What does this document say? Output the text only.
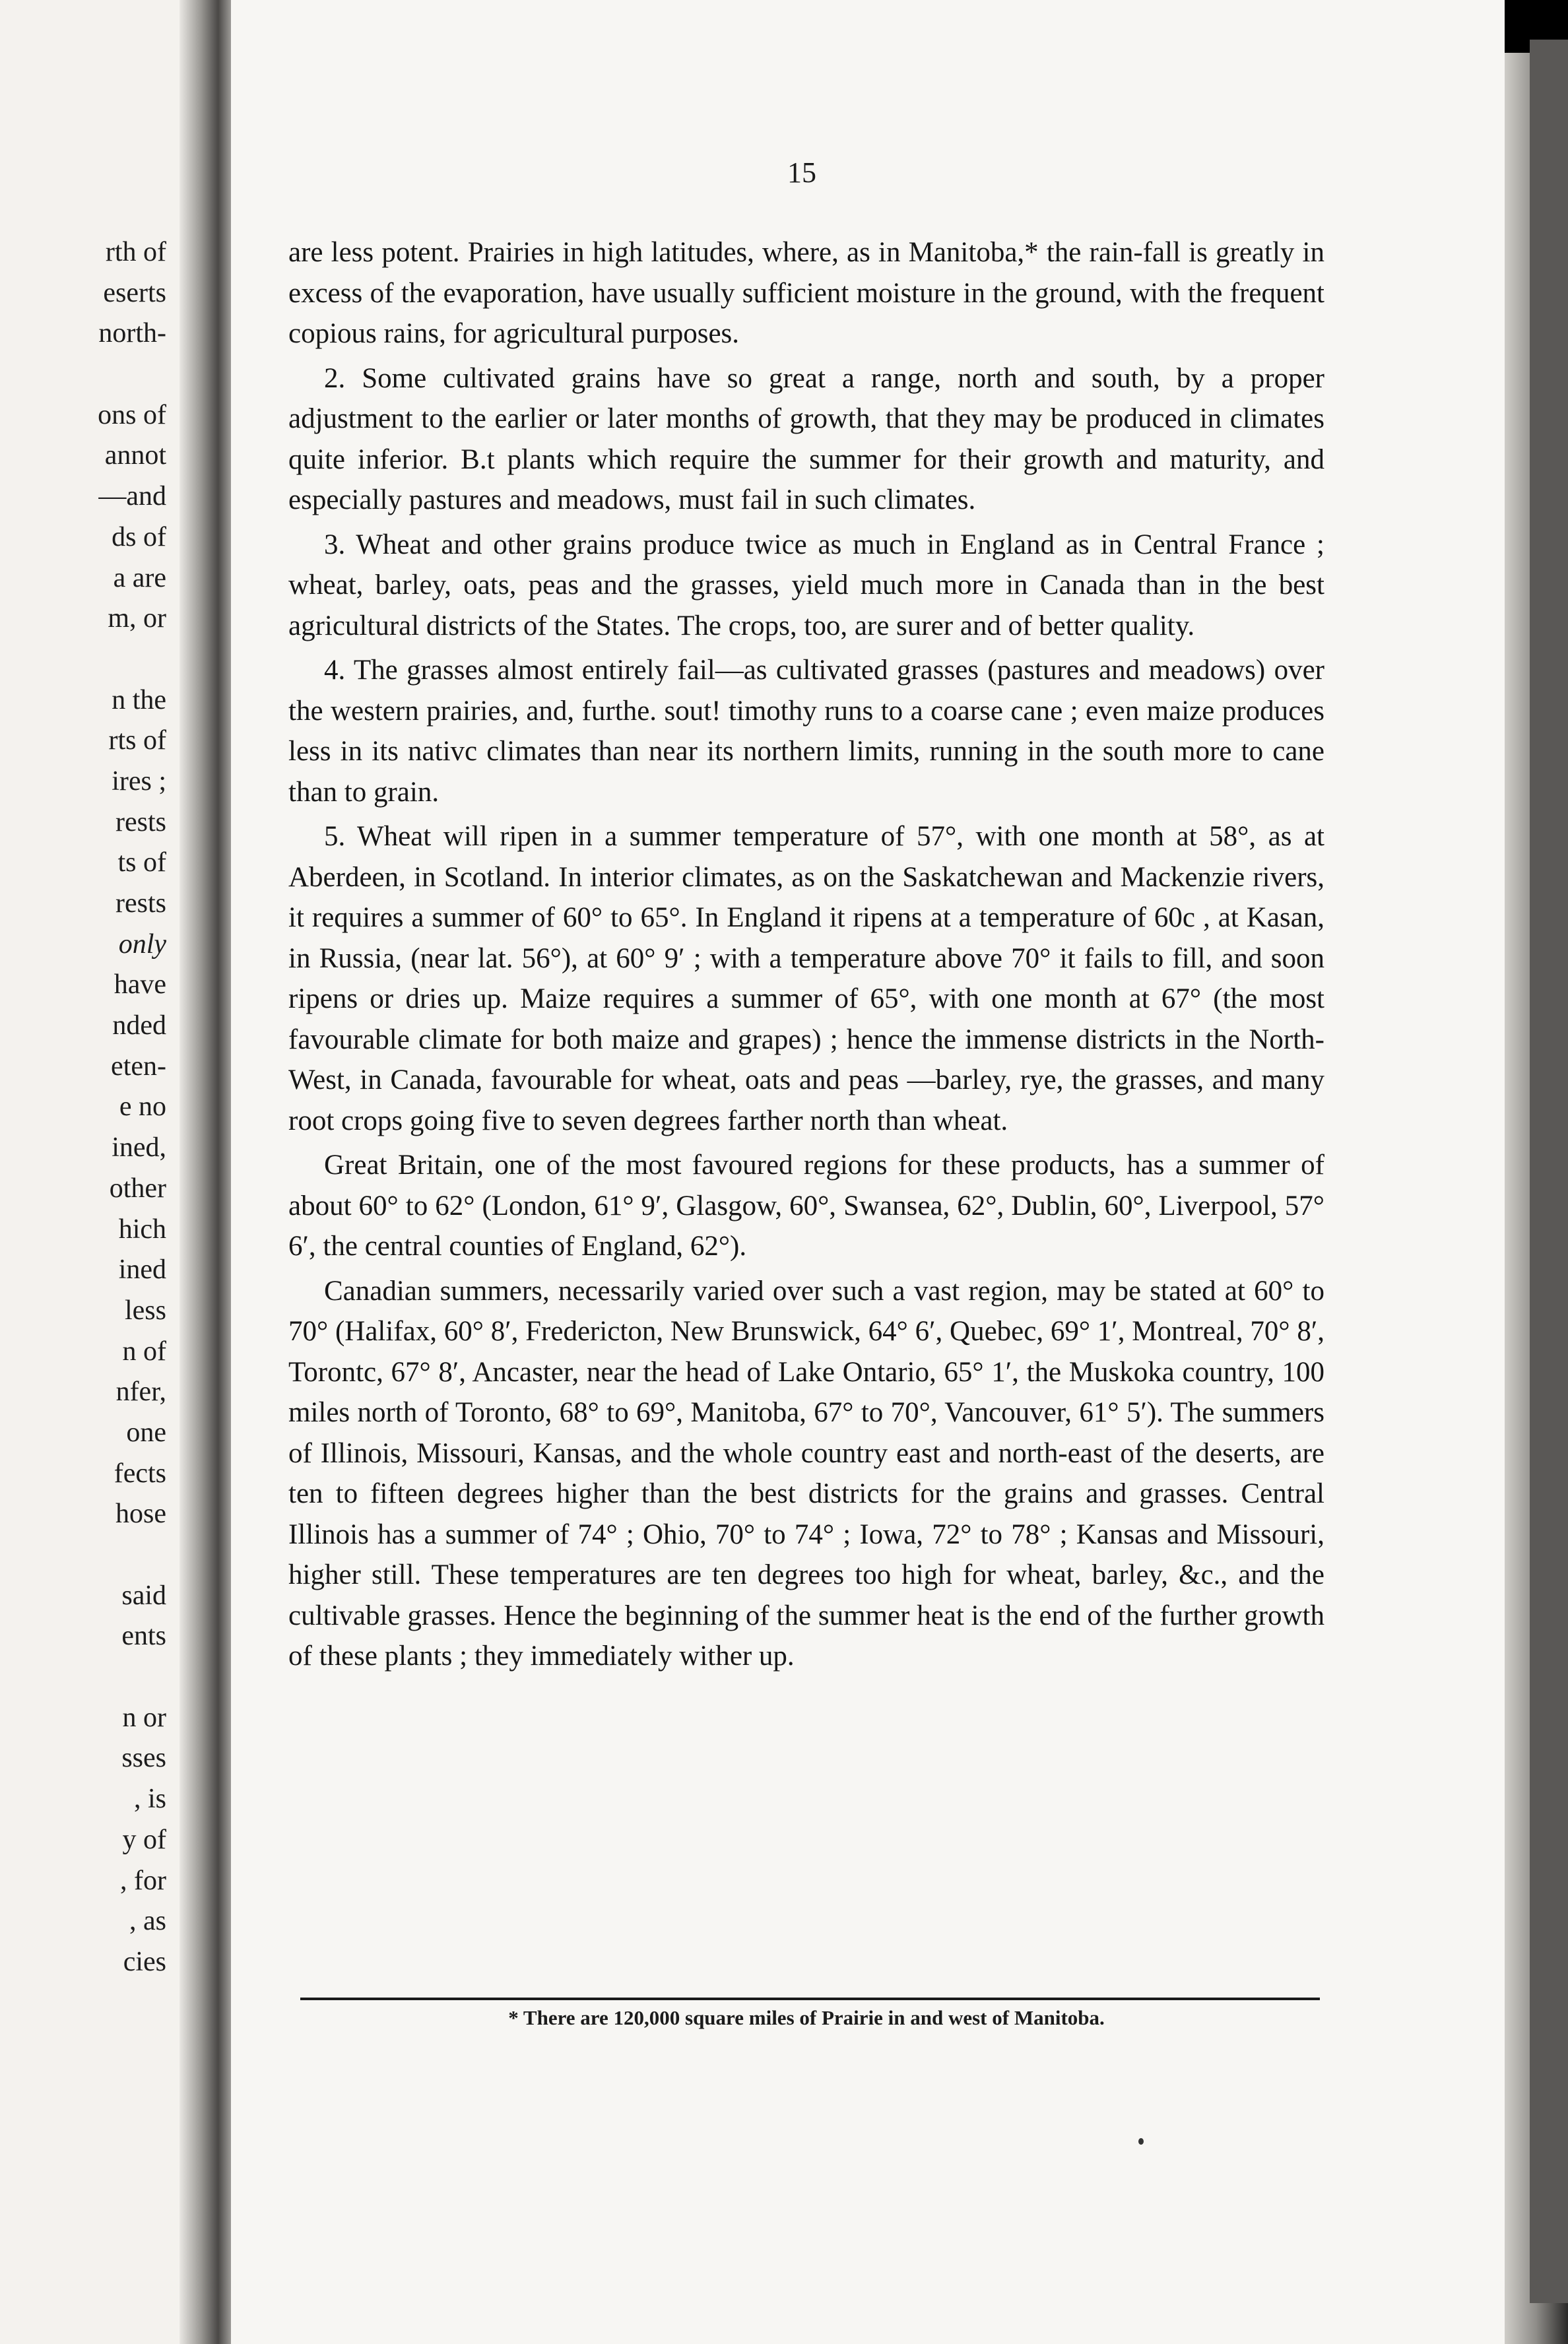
rth of
eserts
north-
ons of
annot
—and
ds of
a are
m, or
n the
rts of
ires ;
rests
ts of
rests
only
have
nded
eten-
e no
ined,
other
hich
ined
less
n of
nfer,
one
fects
hose
said
ents
n or
sses
, is
y of
, for
, as
cies
15

are less potent. Prairies in high latitudes, where, as in Manitoba,* the rain-fall is greatly in excess of the evaporation, have usually sufficient moisture in the ground, with the frequent copious rains, for agricultural purposes.

2. Some cultivated grains have so great a range, north and south, by a proper adjustment to the earlier or later months of growth, that they may be produced in climates quite inferior. B.t plants which require the summer for their growth and maturity, and especially pastures and meadows, must fail in such climates.

3. Wheat and other grains produce twice as much in England as in Central France ; wheat, barley, oats, peas and the grasses, yield much more in Canada than in the best agricultural districts of the States. The crops, too, are surer and of better quality.

4. The grasses almost entirely fail—as cultivated grasses (pastures and meadows) over the western prairies, and, furthe. sout! timothy runs to a coarse cane ; even maize produces less in its nativc climates than near its northern limits, running in the south more to cane than to grain.

5. Wheat will ripen in a summer temperature of 57°, with one month at 58°, as at Aberdeen, in Scotland. In interior climates, as on the Saskatchewan and Mackenzie rivers, it requires a summer of 60° to 65°. In England it ripens at a temperature of 60c , at Kasan, in Russia, (near lat. 56°), at 60° 9′ ; with a temperature above 70° it fails to fill, and soon ripens or dries up. Maize requires a summer of 65°, with one month at 67° (the most favourable climate for both maize and grapes) ; hence the immense districts in the North-West, in Canada, favourable for wheat, oats and peas —barley, rye, the grasses, and many root crops going five to seven degrees farther north than wheat.

Great Britain, one of the most favoured regions for these products, has a summer of about 60° to 62° (London, 61° 9′, Glasgow, 60°, Swansea, 62°, Dublin, 60°, Liverpool, 57° 6′, the central counties of England, 62°).

Canadian summers, necessarily varied over such a vast region, may be stated at 60° to 70° (Halifax, 60° 8′, Fredericton, New Brunswick, 64° 6′, Quebec, 69° 1′, Montreal, 70° 8′, Torontc, 67° 8′, Ancaster, near the head of Lake Ontario, 65° 1′, the Muskoka country, 100 miles north of Toronto, 68° to 69°, Manitoba, 67° to 70°, Vancouver, 61° 5′). The summers of Illinois, Missouri, Kansas, and the whole country east and north-east of the deserts, are ten to fifteen degrees higher than the best districts for the grains and grasses. Central Illinois has a summer of 74° ; Ohio, 70° to 74° ; Iowa, 72° to 78° ; Kansas and Missouri, higher still. These temperatures are ten degrees too high for wheat, barley, &c., and the cultivable grasses. Hence the beginning of the summer heat is the end of the further growth of these plants ; they immediately wither up.

* There are 120,000 square miles of Prairie in and west of Manitoba.
